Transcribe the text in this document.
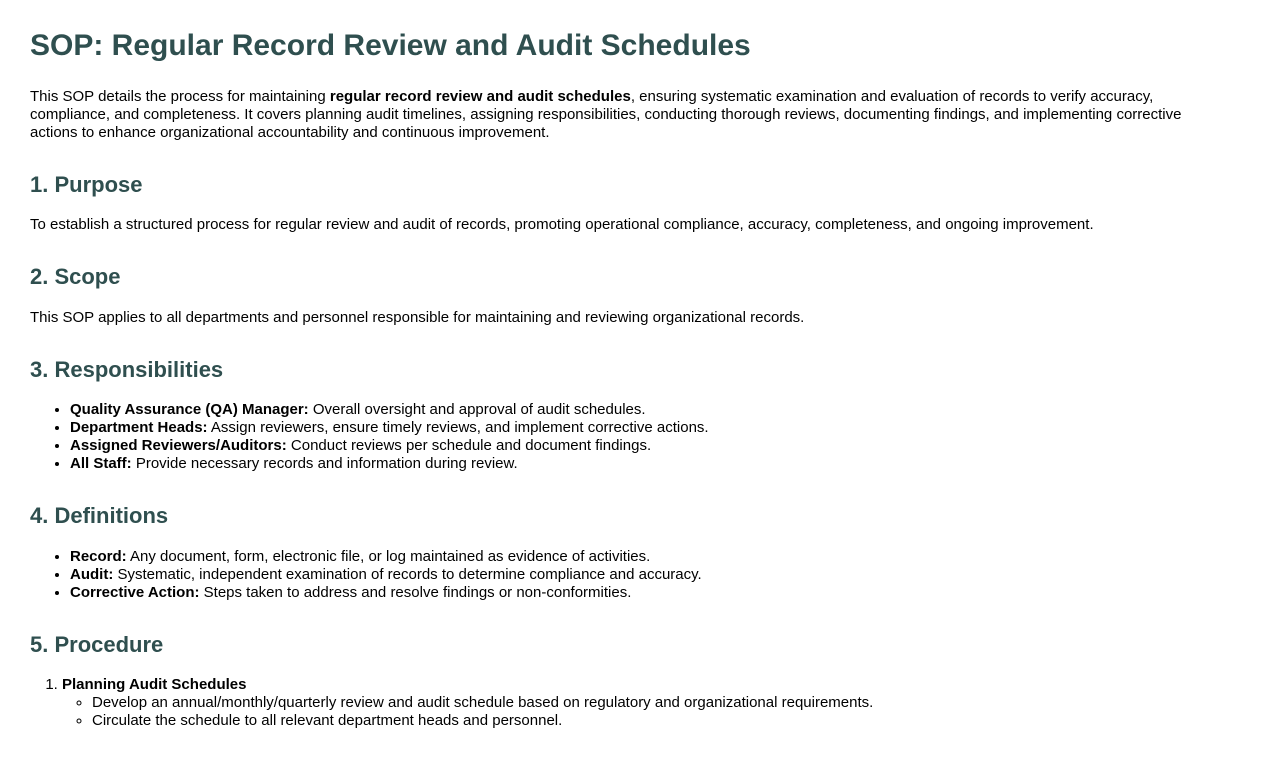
SOP: Regular Record Review and Audit Schedules

This SOP details the process for maintaining regular record review and audit schedules, ensuring systematic examination and evaluation of records to verify accuracy, compliance, and completeness. It covers planning audit timelines, assigning responsibilities, conducting thorough reviews, documenting findings, and implementing corrective actions to enhance organizational accountability and continuous improvement.

1. Purpose

To establish a structured process for regular review and audit of records, promoting operational compliance, accuracy, completeness, and ongoing improvement.

2. Scope

This SOP applies to all departments and personnel responsible for maintaining and reviewing organizational records.

3. Responsibilities
• Quality Assurance (QA) Manager: Overall oversight and approval of audit schedules.
• Department Heads: Assign reviewers, ensure timely reviews, and implement corrective actions.
• Assigned Reviewers/Auditors: Conduct reviews per schedule and document findings.
• All Staff: Provide necessary records and information during review.
4. Definitions
• Record: Any document, form, electronic file, or log maintained as evidence of activities.
• Audit: Systematic, independent examination of records to determine compliance and accuracy.
• Corrective Action: Steps taken to address and resolve findings or non-conformities.
5. Procedure
1. Planning Audit Schedules
◦ Develop an annual/monthly/quarterly review and audit schedule based on regulatory and organizational requirements.
◦ Circulate the schedule to all relevant department heads and personnel.
